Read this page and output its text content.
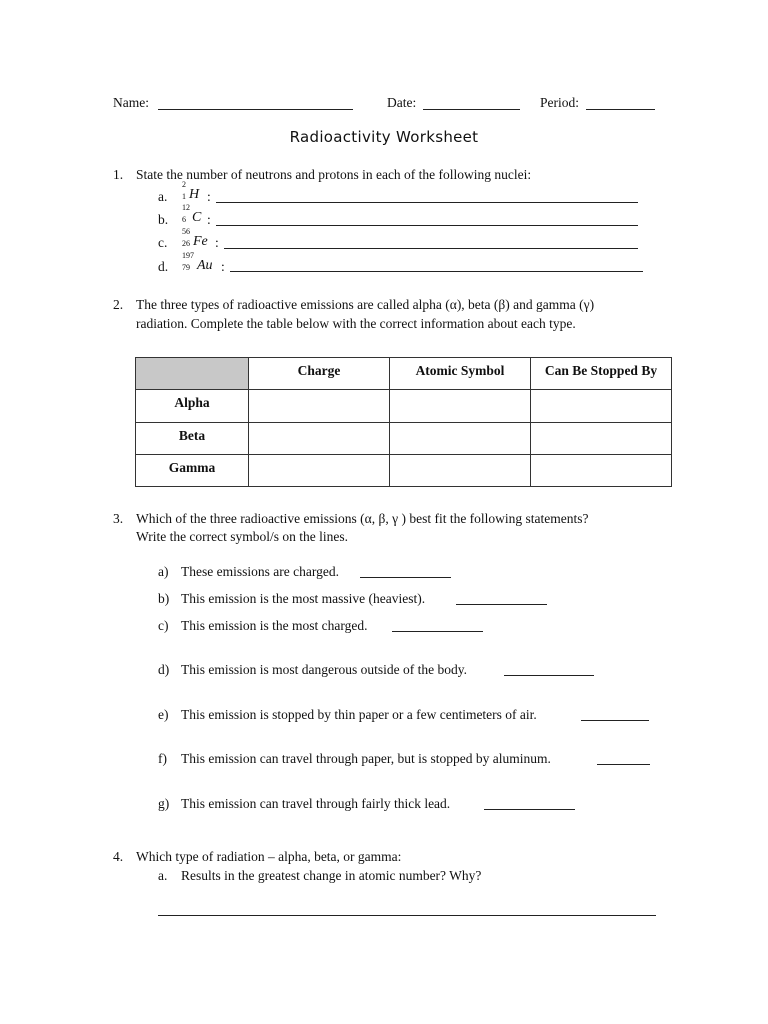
Name:	Date:	Period:
Radioactivity Worksheet
1. State the number of neutrons and protons in each of the following nuclei:
a.
2
1 H :
b.
12
6 C :
c.
56
26 Fe :
d.
197
79 Au :
2. The three types of radioactive emissions are called alpha (α), beta (β) and gamma (γ)
radiation. Complete the table below with the correct information about each type.

	Charge	Atomic Symbol	Can Be Stopped By

Alpha			

Beta			

Gamma			

3. Which of the three radioactive emissions (α, β, γ ) best fit the following statements?
Write the correct symbol/s on the lines.
a) These emissions are charged.
b) This emission is the most massive (heaviest).
c) This emission is the most charged.
d) This emission is most dangerous outside of the body.
e) This emission is stopped by thin paper or a few centimeters of air.
f) This emission can travel through paper, but is stopped by aluminum.
g) This emission can travel through fairly thick lead.
4. Which type of radiation – alpha, beta, or gamma:
a. Results in the greatest change in atomic number? Why?
